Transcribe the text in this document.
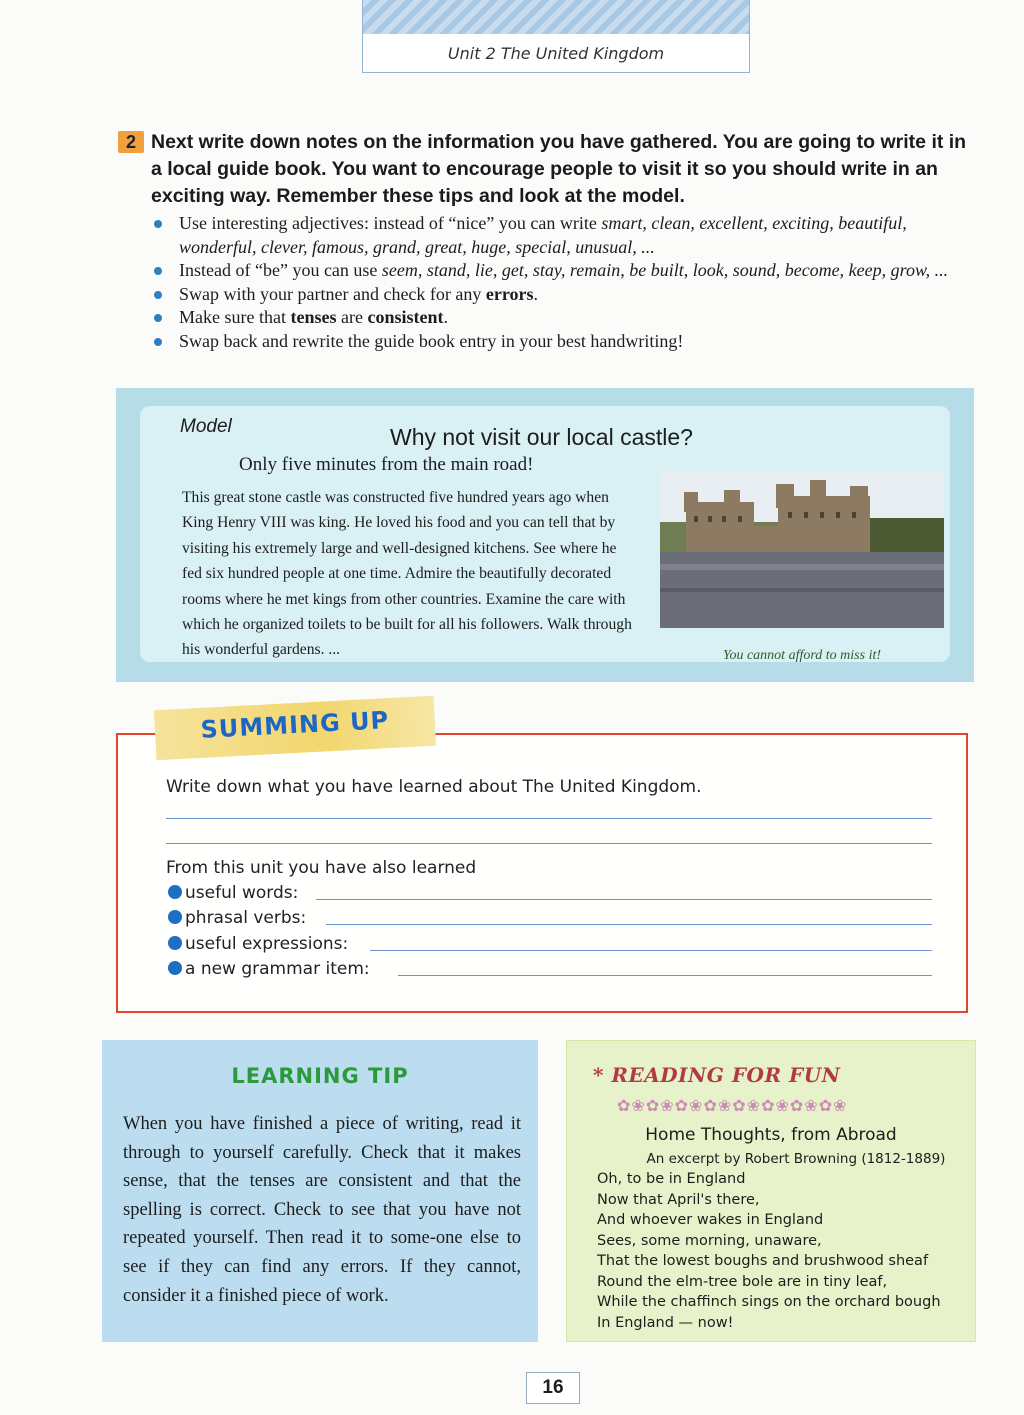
Unit 2 The United Kingdom
2 Next write down notes on the information you have gathered. You are going to write it in a local guide book. You want to encourage people to visit it so you should write in an exciting way. Remember these tips and look at the model.
Use interesting adjectives: instead of “nice” you can write smart, clean, excellent, exciting, beautiful, wonderful, clever, famous, grand, great, huge, special, unusual, ...
Instead of “be” you can use seem, stand, lie, get, stay, remain, be built, look, sound, become, keep, grow, ...
Swap with your partner and check for any errors.
Make sure that tenses are consistent.
Swap back and rewrite the guide book entry in your best handwriting!
Model	Why not visit our local castle?
Only five minutes from the main road!
This great stone castle was constructed five hundred years ago when King Henry VIII was king. He loved his food and you can tell that by visiting his extremely large and well-designed kitchens. See where he fed six hundred people at one time. Admire the beautifully decorated rooms where he met kings from other countries. Examine the care with which he organized toilets to be built for all his followers. Walk through his wonderful gardens. ...	You cannot afford to miss it!
SUMMING UP
Write down what you have learned about The United Kingdom.
From this unit you have also learned
useful words:
phrasal verbs:
useful expressions:
a new grammar item:
LEARNING TIP
When you have finished a piece of writing, read it through to yourself carefully. Check that it makes sense, that the tenses are consistent and that the spelling is correct. Check to see that you have not repeated yourself. Then read it to some-one else to see if they can find any errors. If they cannot, consider it a finished piece of work.
* READING FOR FUN
✿❀✿❀✿❀✿❀✿❀✿❀✿❀✿❀
Home Thoughts, from Abroad
An excerpt by Robert Browning (1812-1889)
Oh, to be in England
Now that April's there,
And whoever wakes in England
Sees, some morning, unaware,
That the lowest boughs and brushwood sheaf
Round the elm-tree bole are in tiny leaf,
While the chaffinch sings on the orchard bough
In England — now!
16
